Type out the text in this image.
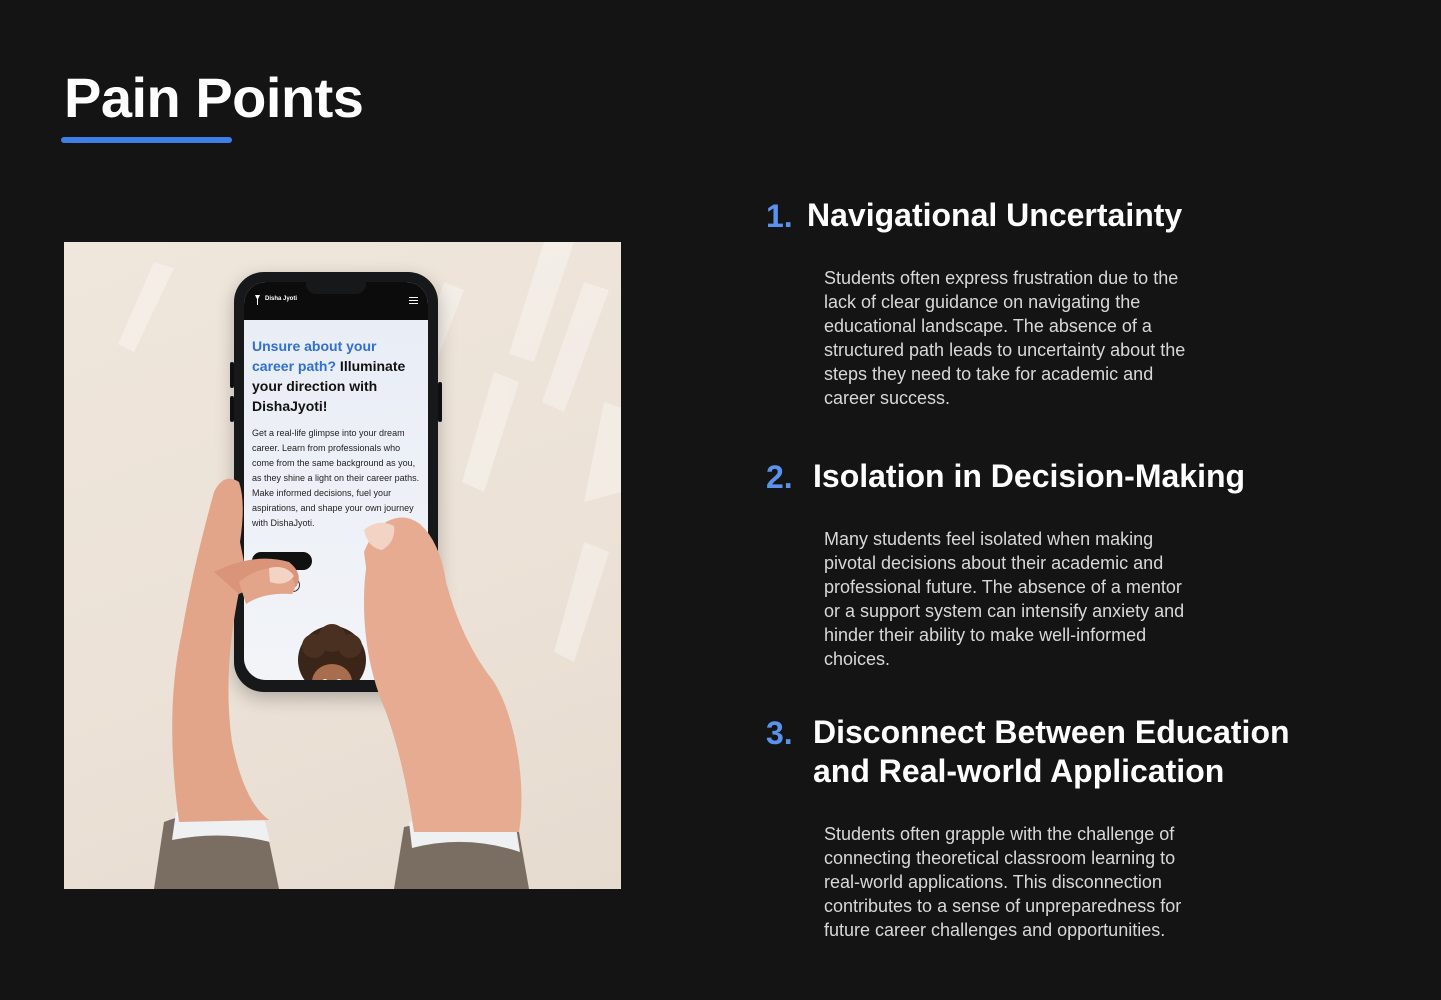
Pain Points
Disha Jyoti
Unsure about your career path? Illuminate your direction with DishaJyoti!

Get a real-life glimpse into your dream career. Learn from professionals who come from the same background as you, as they shine a light on their career paths. Make informed decisions, fuel your aspirations, and shape your own journey with DishaJyoti.

1. Navigational Uncertainty

Students often express frustration due to the
lack of clear guidance on navigating the
educational landscape. The absence of a
structured path leads to uncertainty about the
steps they need to take for academic and
career success.

2. Isolation in Decision-Making

Many students feel isolated when making
pivotal decisions about their academic and
professional future. The absence of a mentor
or a support system can intensify anxiety and
hinder their ability to make well-informed
choices.

3. Disconnect Between Education
and Real-world Application

Students often grapple with the challenge of
connecting theoretical classroom learning to
real-world applications. This disconnection
contributes to a sense of unpreparedness for
future career challenges and opportunities.
